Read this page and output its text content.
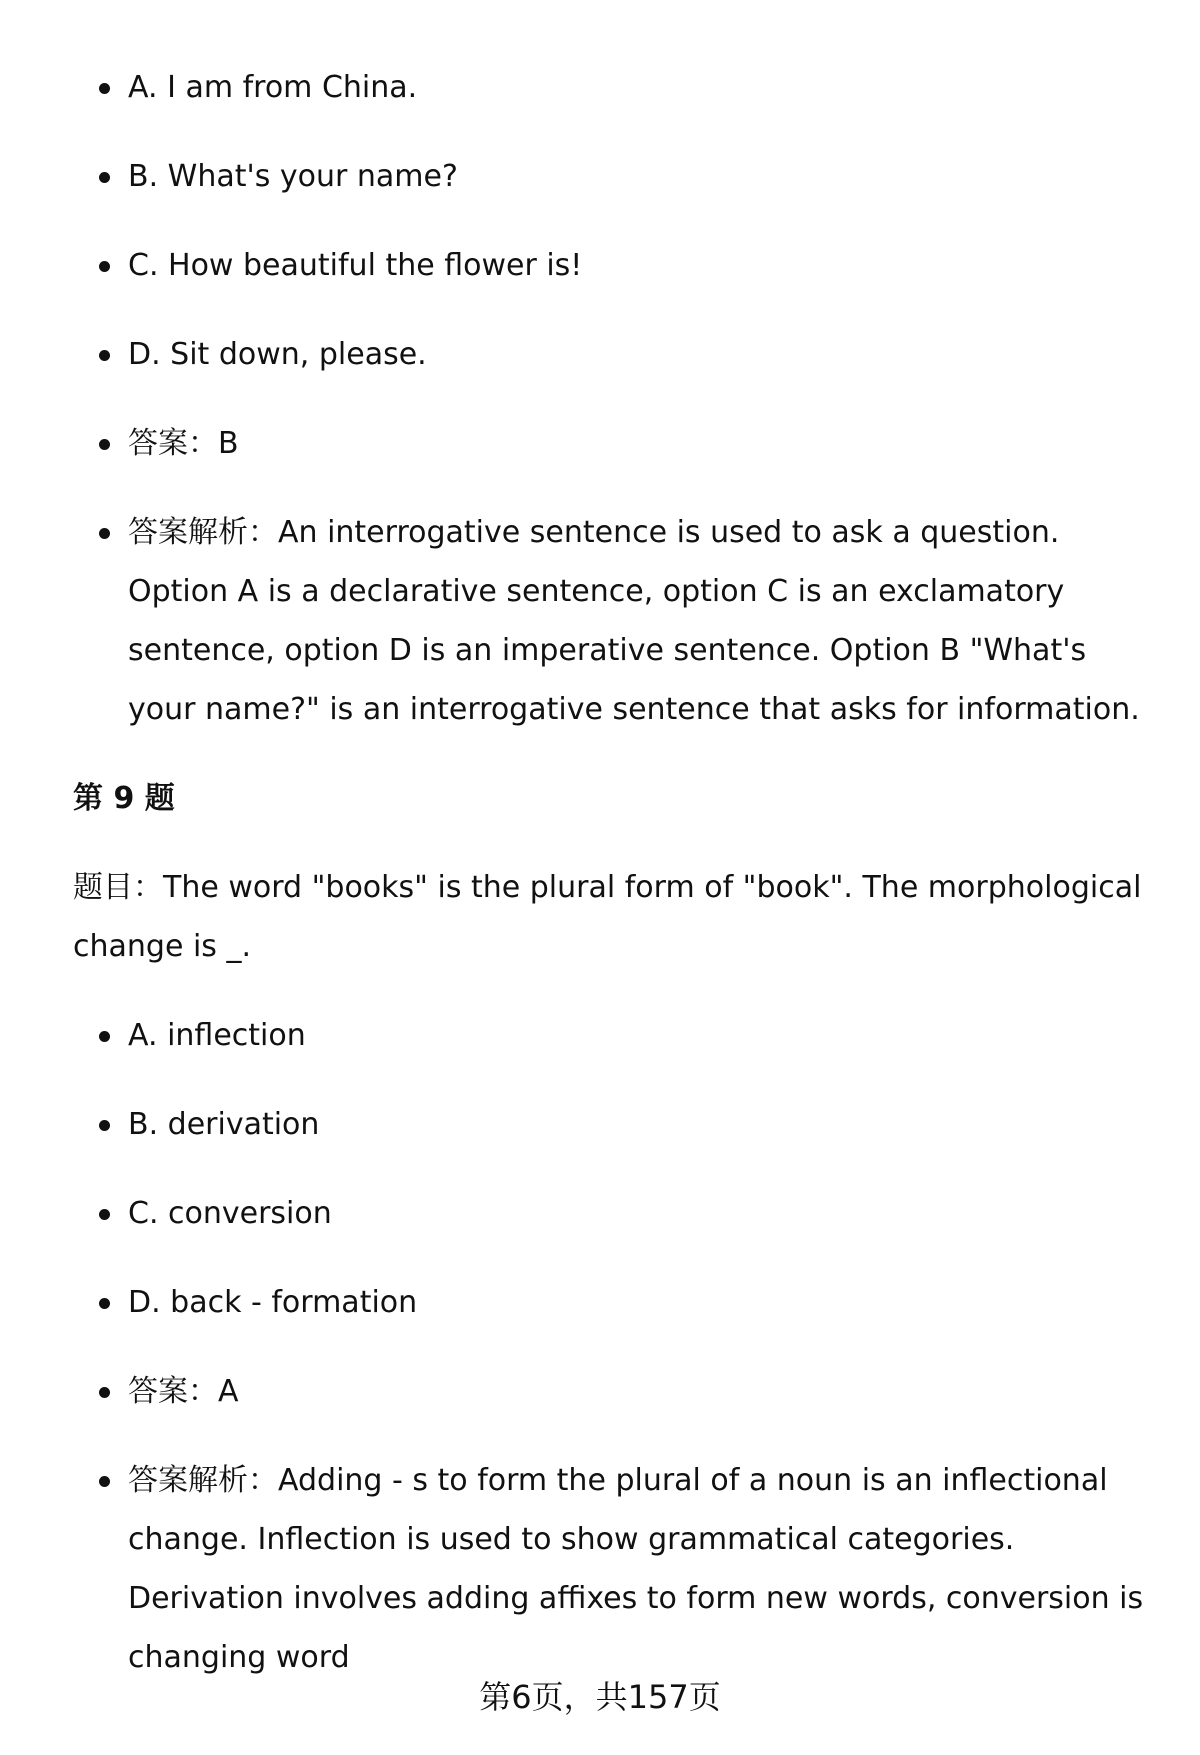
A. I am from China.
B. What's your name?
C. How beautiful the flower is!
D. Sit down, please.
答案：B
答案解析：An interrogative sentence is used to ask a question. Option A is a declarative sentence, option C is an exclamatory sentence, option D is an imperative sentence. Option B "What's your name?" is an interrogative sentence that asks for information.
第 9 题
题目：The word "books" is the plural form of "book". The morphological change is _.
A. inflection
B. derivation
C. conversion
D. back - formation
答案：A
答案解析：Adding - s to form the plural of a noun is an inflectional change. Inflection is used to show grammatical categories. Derivation involves adding affixes to form new words, conversion is changing word
第6页，共157页
